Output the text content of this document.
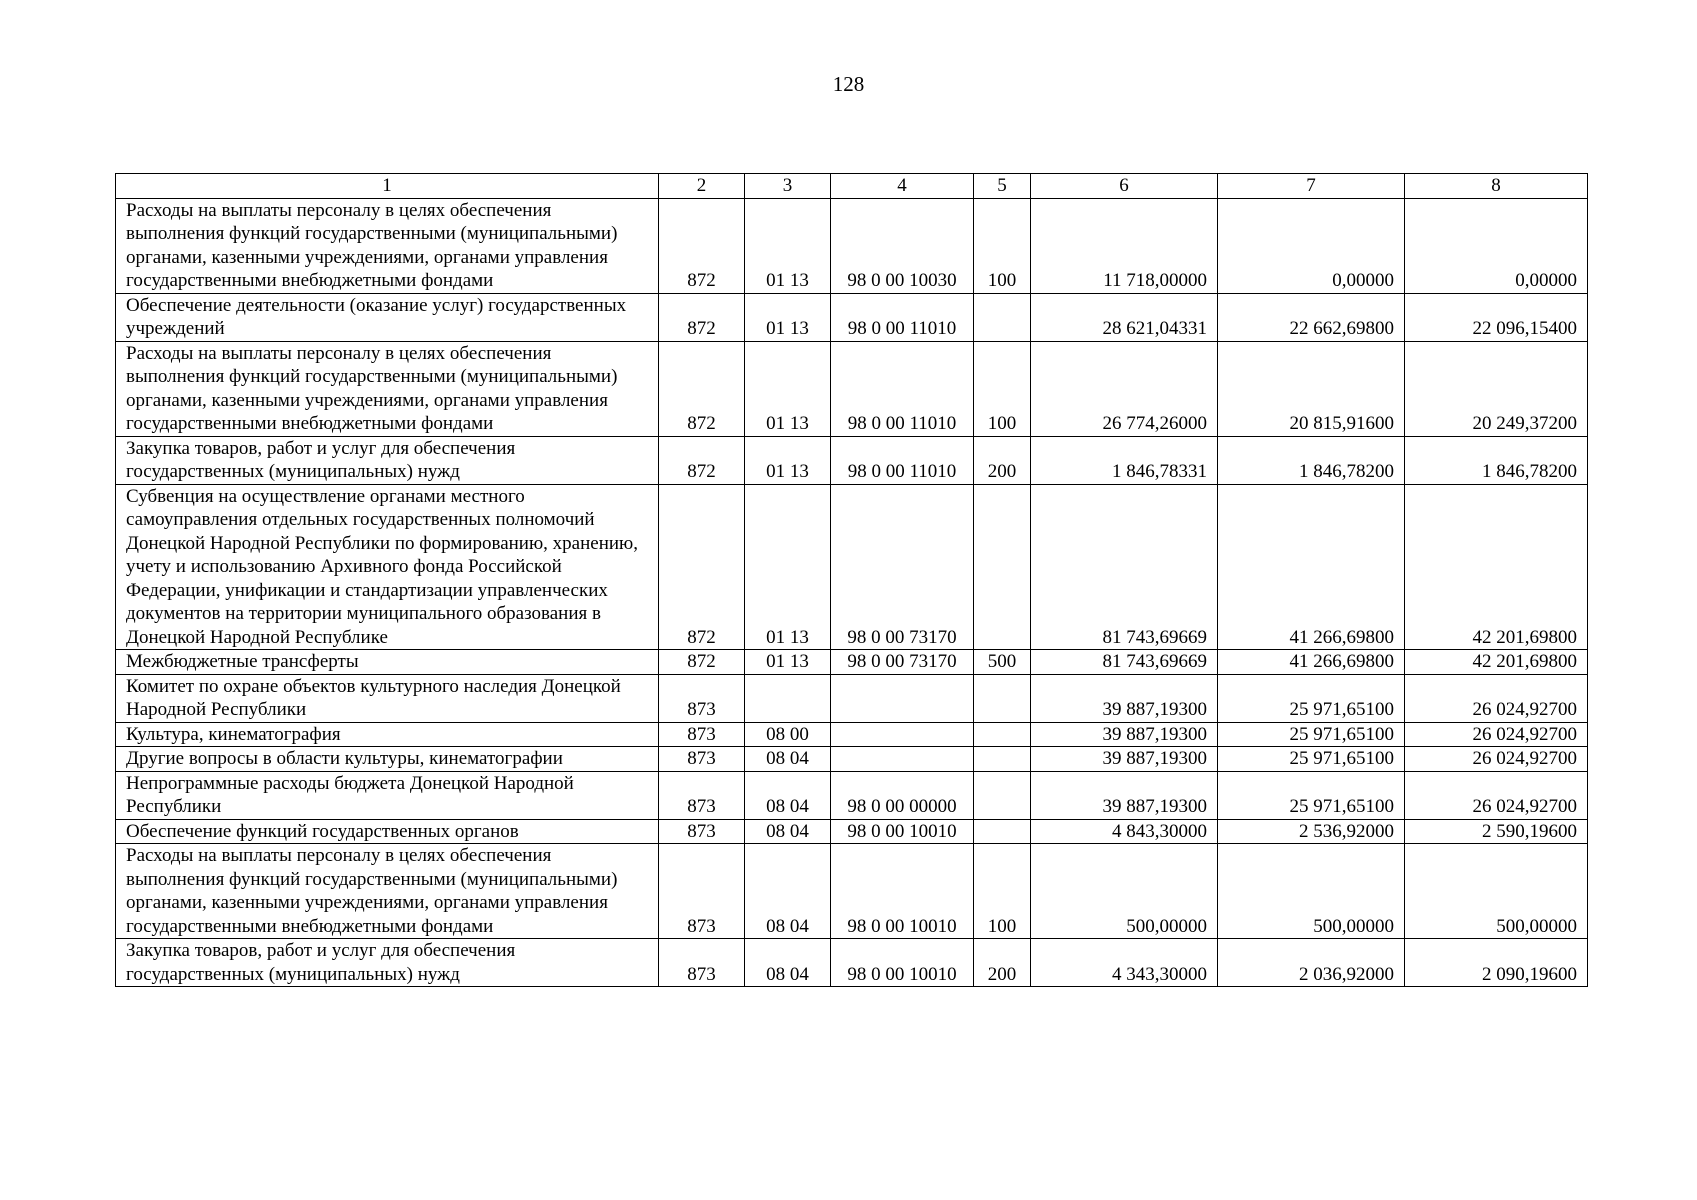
128
1	2	3	4	5	6	7	8
Расходы на выплаты персоналу в целях обеспечения выполнения функций государственными (муниципальными) органами, казенными учреждениями, органами управления государственными внебюджетными фондами	872	01 13	98 0 00 10030	100	11 718,00000	0,00000	0,00000
Обеспечение деятельности (оказание услуг) государственных учреждений	872	01 13	98 0 00 11010		28 621,04331	22 662,69800	22 096,15400
Расходы на выплаты персоналу в целях обеспечения выполнения функций государственными (муниципальными) органами, казенными учреждениями, органами управления государственными внебюджетными фондами	872	01 13	98 0 00 11010	100	26 774,26000	20 815,91600	20 249,37200
Закупка товаров, работ и услуг для обеспечения государственных (муниципальных) нужд	872	01 13	98 0 00 11010	200	1 846,78331	1 846,78200	1 846,78200
Субвенция на осуществление органами местного самоуправления отдельных государственных полномочий Донецкой Народной Республики по формированию, хранению, учету и использованию Архивного фонда Российской Федерации, унификации и стандартизации управленческих документов на территории муниципального образования в Донецкой Народной Республике	872	01 13	98 0 00 73170		81 743,69669	41 266,69800	42 201,69800
Межбюджетные трансферты	872	01 13	98 0 00 73170	500	81 743,69669	41 266,69800	42 201,69800
Комитет по охране объектов культурного наследия Донецкой Народной Республики	873				39 887,19300	25 971,65100	26 024,92700
Культура, кинематография	873	08 00			39 887,19300	25 971,65100	26 024,92700
Другие вопросы в области культуры, кинематографии	873	08 04			39 887,19300	25 971,65100	26 024,92700
Непрограммные расходы бюджета Донецкой Народной Республики	873	08 04	98 0 00 00000		39 887,19300	25 971,65100	26 024,92700
Обеспечение функций государственных органов	873	08 04	98 0 00 10010		4 843,30000	2 536,92000	2 590,19600
Расходы на выплаты персоналу в целях обеспечения выполнения функций государственными (муниципальными) органами, казенными учреждениями, органами управления государственными внебюджетными фондами	873	08 04	98 0 00 10010	100	500,00000	500,00000	500,00000
Закупка товаров, работ и услуг для обеспечения государственных (муниципальных) нужд	873	08 04	98 0 00 10010	200	4 343,30000	2 036,92000	2 090,19600
